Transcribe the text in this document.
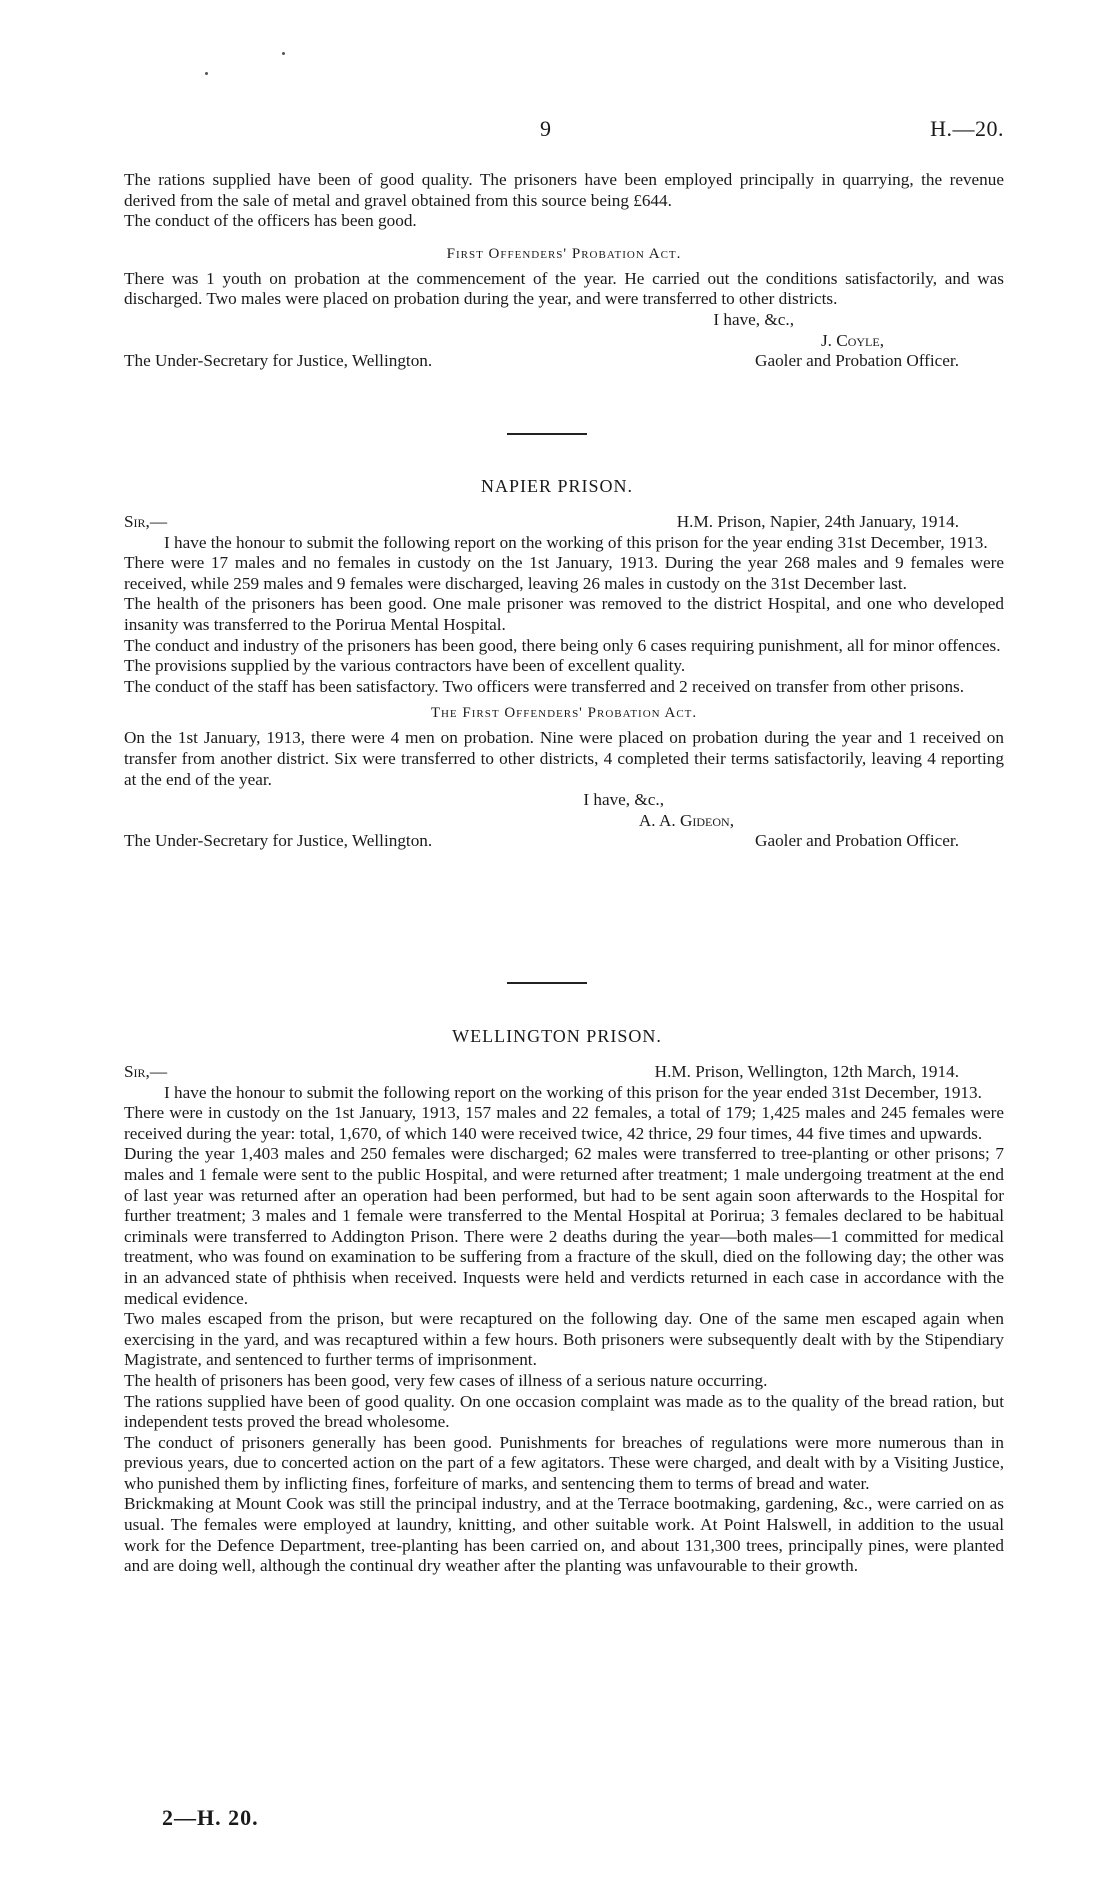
9	H.—20.

The rations supplied have been of good quality. The prisoners have been employed principally in quarrying, the revenue derived from the sale of metal and gravel obtained from this source being £644.

The conduct of the officers has been good.

First Offenders' Probation Act.

There was 1 youth on probation at the commencement of the year. He carried out the conditions satisfactorily, and was discharged. Two males were placed on probation during the year, and were transferred to other districts.

I have, &c.,
J. Coyle,
The Under-Secretary for Justice, Wellington.	Gaoler and Probation Officer.
NAPIER PRISON.
Sir,—	H.M. Prison, Napier, 24th January, 1914.

I have the honour to submit the following report on the working of this prison for the year ending 31st December, 1913.

There were 17 males and no females in custody on the 1st January, 1913. During the year 268 males and 9 females were received, while 259 males and 9 females were discharged, leaving 26 males in custody on the 31st December last.

The health of the prisoners has been good. One male prisoner was removed to the district Hospital, and one who developed insanity was transferred to the Porirua Mental Hospital.

The conduct and industry of the prisoners has been good, there being only 6 cases requiring punishment, all for minor offences.

The provisions supplied by the various contractors have been of excellent quality.

The conduct of the staff has been satisfactory. Two officers were transferred and 2 received on transfer from other prisons.

The First Offenders' Probation Act.

On the 1st January, 1913, there were 4 men on probation. Nine were placed on probation during the year and 1 received on transfer from another district. Six were transferred to other districts, 4 completed their terms satisfactorily, leaving 4 reporting at the end of the year.

I have, &c.,
A. A. Gideon,
The Under-Secretary for Justice, Wellington.	Gaoler and Probation Officer.
WELLINGTON PRISON.
Sir,—	H.M. Prison, Wellington, 12th March, 1914.

I have the honour to submit the following report on the working of this prison for the year ended 31st December, 1913.

There were in custody on the 1st January, 1913, 157 males and 22 females, a total of 179; 1,425 males and 245 females were received during the year: total, 1,670, of which 140 were received twice, 42 thrice, 29 four times, 44 five times and upwards.

During the year 1,403 males and 250 females were discharged; 62 males were transferred to tree-planting or other prisons; 7 males and 1 female were sent to the public Hospital, and were returned after treatment; 1 male undergoing treatment at the end of last year was returned after an operation had been performed, but had to be sent again soon afterwards to the Hospital for further treatment; 3 males and 1 female were transferred to the Mental Hospital at Porirua; 3 females declared to be habitual criminals were transferred to Addington Prison. There were 2 deaths during the year—both males—1 committed for medical treatment, who was found on examination to be suffering from a fracture of the skull, died on the following day; the other was in an advanced state of phthisis when received. Inquests were held and verdicts returned in each case in accordance with the medical evidence.

Two males escaped from the prison, but were recaptured on the following day. One of the same men escaped again when exercising in the yard, and was recaptured within a few hours. Both prisoners were subsequently dealt with by the Stipendiary Magistrate, and sentenced to further terms of imprisonment.

The health of prisoners has been good, very few cases of illness of a serious nature occurring.

The rations supplied have been of good quality. On one occasion complaint was made as to the quality of the bread ration, but independent tests proved the bread wholesome.

The conduct of prisoners generally has been good. Punishments for breaches of regulations were more numerous than in previous years, due to concerted action on the part of a few agitators. These were charged, and dealt with by a Visiting Justice, who punished them by inflicting fines, forfeiture of marks, and sentencing them to terms of bread and water.

Brickmaking at Mount Cook was still the principal industry, and at the Terrace bootmaking, gardening, &c., were carried on as usual. The females were employed at laundry, knitting, and other suitable work. At Point Halswell, in addition to the usual work for the Defence Department, tree-planting has been carried on, and about 131,300 trees, principally pines, were planted and are doing well, although the continual dry weather after the planting was unfavourable to their growth.

2—H. 20.
